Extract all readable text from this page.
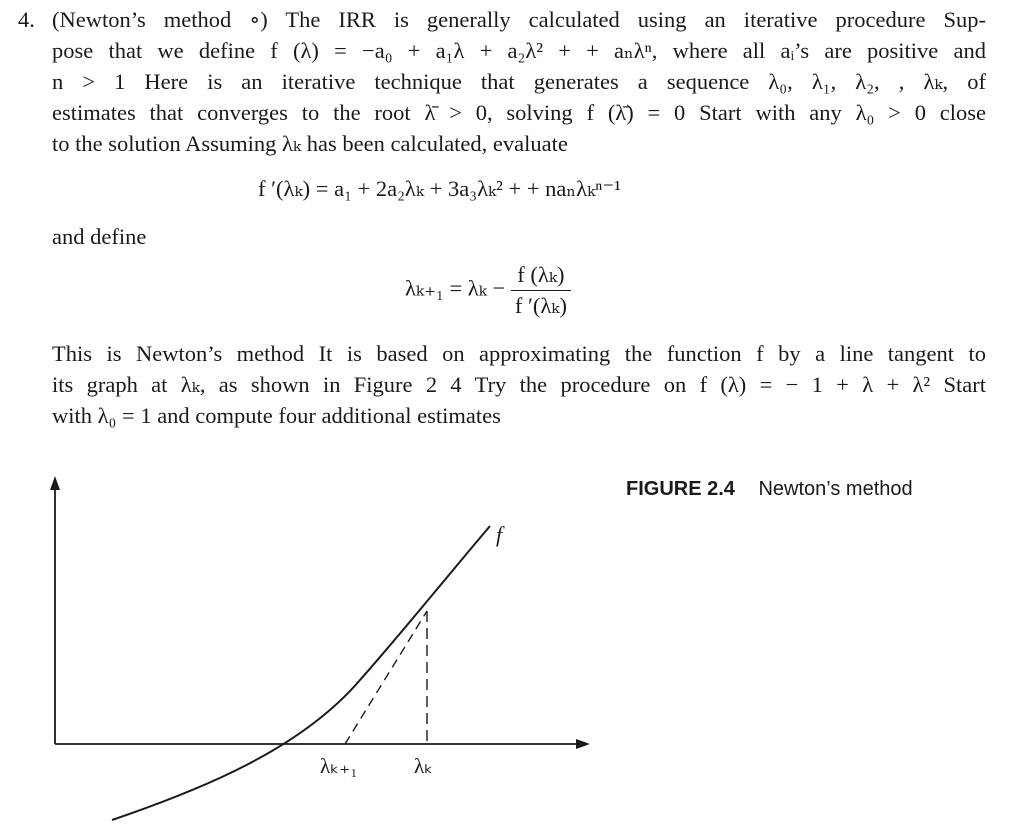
4. (Newton’s method ∘) The IRR is generally calculated using an iterative procedure Sup-
pose that we define f (λ) = −a₀ + a₁λ + a₂λ² + + aₙλⁿ, where all aᵢ’s are positive and
n > 1 Here is an iterative technique that generates a sequence λ₀, λ₁, λ₂, , λₖ, of
estimates that converges to the root λ̄ > 0, solving f (λ̄) = 0 Start with any λ₀ > 0 close
to the solution Assuming λₖ has been calculated, evaluate
f ′(λₖ) = a₁ + 2a₂λₖ + 3a₃λₖ² + + naₙλₖⁿ⁻¹
and define
$\lambda_{k+1} = \lambda_k - \frac{\text{f (λₖ)}}{\text{f ′(λₖ)}}$
This is Newton’s method It is based on approximating the function f by a line tangent to
its graph at λₖ, as shown in Figure 2 4 Try the procedure on f (λ) = − 1 + λ + λ² Start
with λ₀ = 1 and compute four additional estimates
FIGURE 2.4 Newton’s method
f
λₖ₊₁	λₖ
